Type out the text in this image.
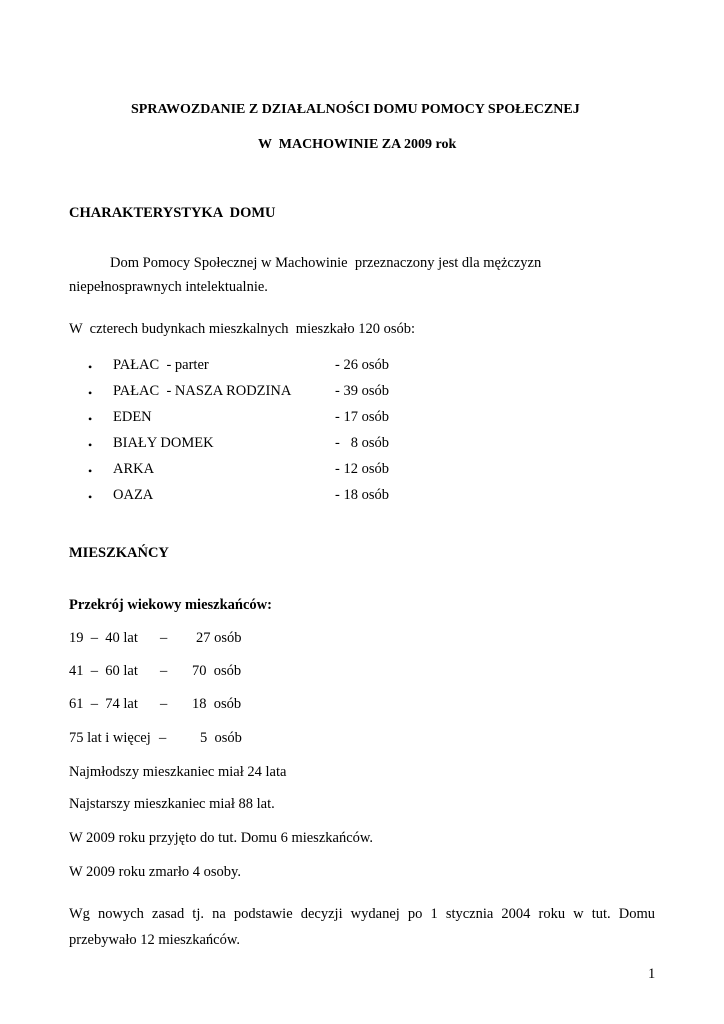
SPRAWOZDANIE Z DZIAŁALNOŚCI DOMU POMOCY SPOŁECZNEJ
W  MACHOWINIE ZA 2009 rok
CHARAKTERYSTYKA  DOMU
Dom Pomocy Społecznej w Machowinie  przeznaczony jest dla mężczyzn
niepełnosprawnych intelektualnie.
W  czterech budynkach mieszkalnych  mieszkało 120 osób:
• PAŁAC  - parter	- 26 osób
• PAŁAC  - NASZA RODZINA	- 39 osób
• EDEN	- 17 osób
• BIAŁY DOMEK	-   8 osób
• ARKA	- 12 osób
• OAZA	- 18 osób
MIESZKAŃCY
Przekrój wiekowy mieszkańców:
19  –  40 lat – 27 osób
41  –  60 lat – 70  osób
61  –  74 lat – 18  osób
75 lat i więcej – 5  osób
Najmłodszy mieszkaniec miał 24 lata
Najstarszy mieszkaniec miał 88 lat.
W 2009 roku przyjęto do tut. Domu 6 mieszkańców.
W 2009 roku zmarło 4 osoby.
Wg nowych zasad tj. na podstawie decyzji wydanej po 1 stycznia 2004 roku w tut. Domu
przebywało 12 mieszkańców.
1
